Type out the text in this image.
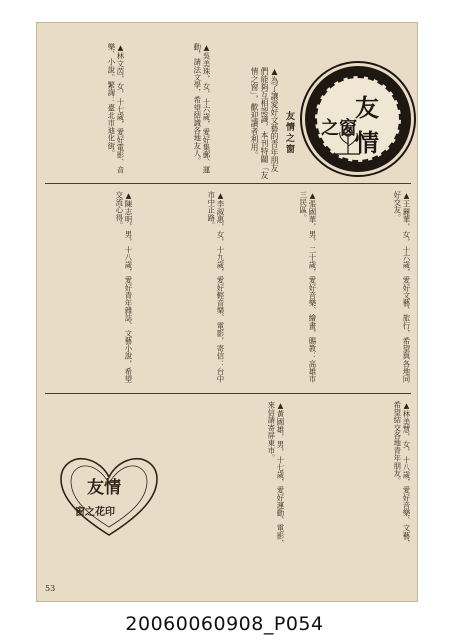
友情
之窗
友情之窗
▲為了讓愛好文藝的青年朋友們能夠互相認識，本刊特闢「友情之窗」，歡迎讀者利用。
▲林文苬，女，十七歲，愛好電影、音樂、小說。繁諊：臺北市迪化街。	▲吳美珠，女，十六歲，愛好集郵、運動，請法文學，希望結識各地友人。
▲陳志明，男，十八歲，愛好青年雜誌、文藝小說，希望交流心得。	▲李淑惠，女，十九歲，愛好輕音樂、電影，寄信：台中市中正路。	▲張國華，男，二十歲，愛好音樂、繪畫，賜教：高雄市三民區。	▲王麗華，女，十六歲，愛好文藝、旅行，希望與各地同好交友。
▲黃國雄，男，十七歲，愛好運動、電影，來信請寄屏東市。	▲林美慧，女，十八歲，愛好音樂、文藝，希望結交各地青年朋友。
友情
窗之花印
53
20060060908_P054
